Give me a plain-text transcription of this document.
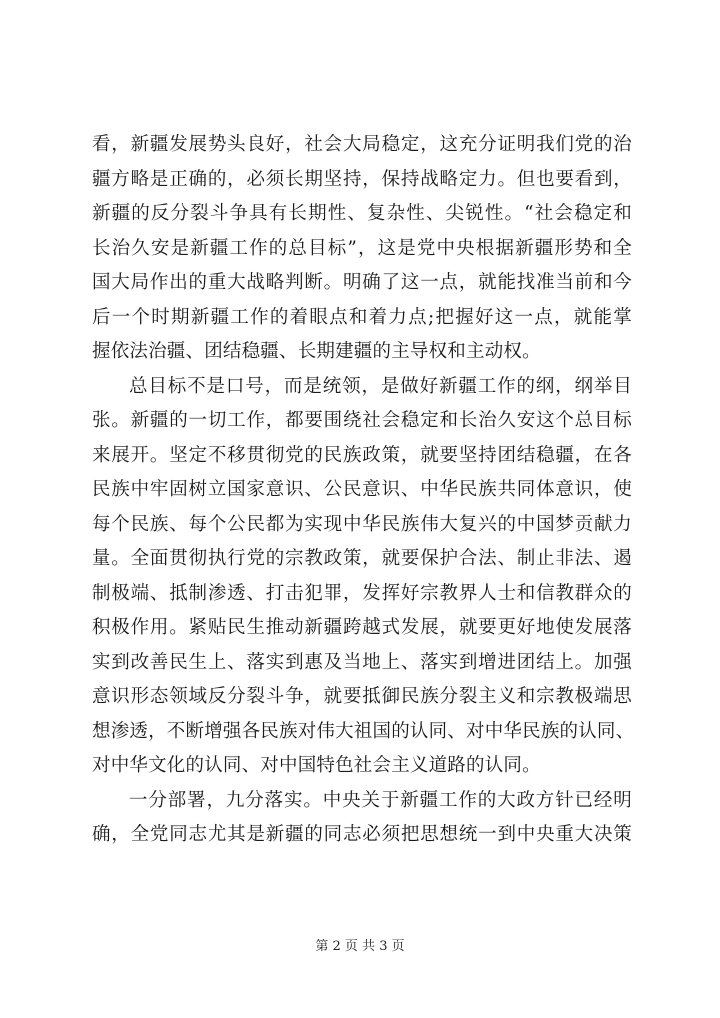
看，新疆发展势头良好，社会大局稳定，这充分证明我们党的治
疆方略是正确的，必须长期坚持，保持战略定力。但也要看到，
新疆的反分裂斗争具有长期性、复杂性、尖锐性。“社会稳定和
长治久安是新疆工作的总目标”，这是党中央根据新疆形势和全
国大局作出的重大战略判断。明确了这一点，就能找准当前和今
后一个时期新疆工作的着眼点和着力点;把握好这一点，就能掌
握依法治疆、团结稳疆、长期建疆的主导权和主动权。
总目标不是口号，而是统领，是做好新疆工作的纲，纲举目
张。新疆的一切工作，都要围绕社会稳定和长治久安这个总目标
来展开。坚定不移贯彻党的民族政策，就要坚持团结稳疆，在各
民族中牢固树立国家意识、公民意识、中华民族共同体意识，使
每个民族、每个公民都为实现中华民族伟大复兴的中国梦贡献力
量。全面贯彻执行党的宗教政策，就要保护合法、制止非法、遏
制极端、抵制渗透、打击犯罪，发挥好宗教界人士和信教群众的
积极作用。紧贴民生推动新疆跨越式发展，就要更好地使发展落
实到改善民生上、落实到惠及当地上、落实到增进团结上。加强
意识形态领域反分裂斗争，就要抵御民族分裂主义和宗教极端思
想渗透，不断增强各民族对伟大祖国的认同、对中华民族的认同、
对中华文化的认同、对中国特色社会主义道路的认同。
一分部署，九分落实。中央关于新疆工作的大政方针已经明
确，全党同志尤其是新疆的同志必须把思想统一到中央重大决策
第 2 页 共 3 页
